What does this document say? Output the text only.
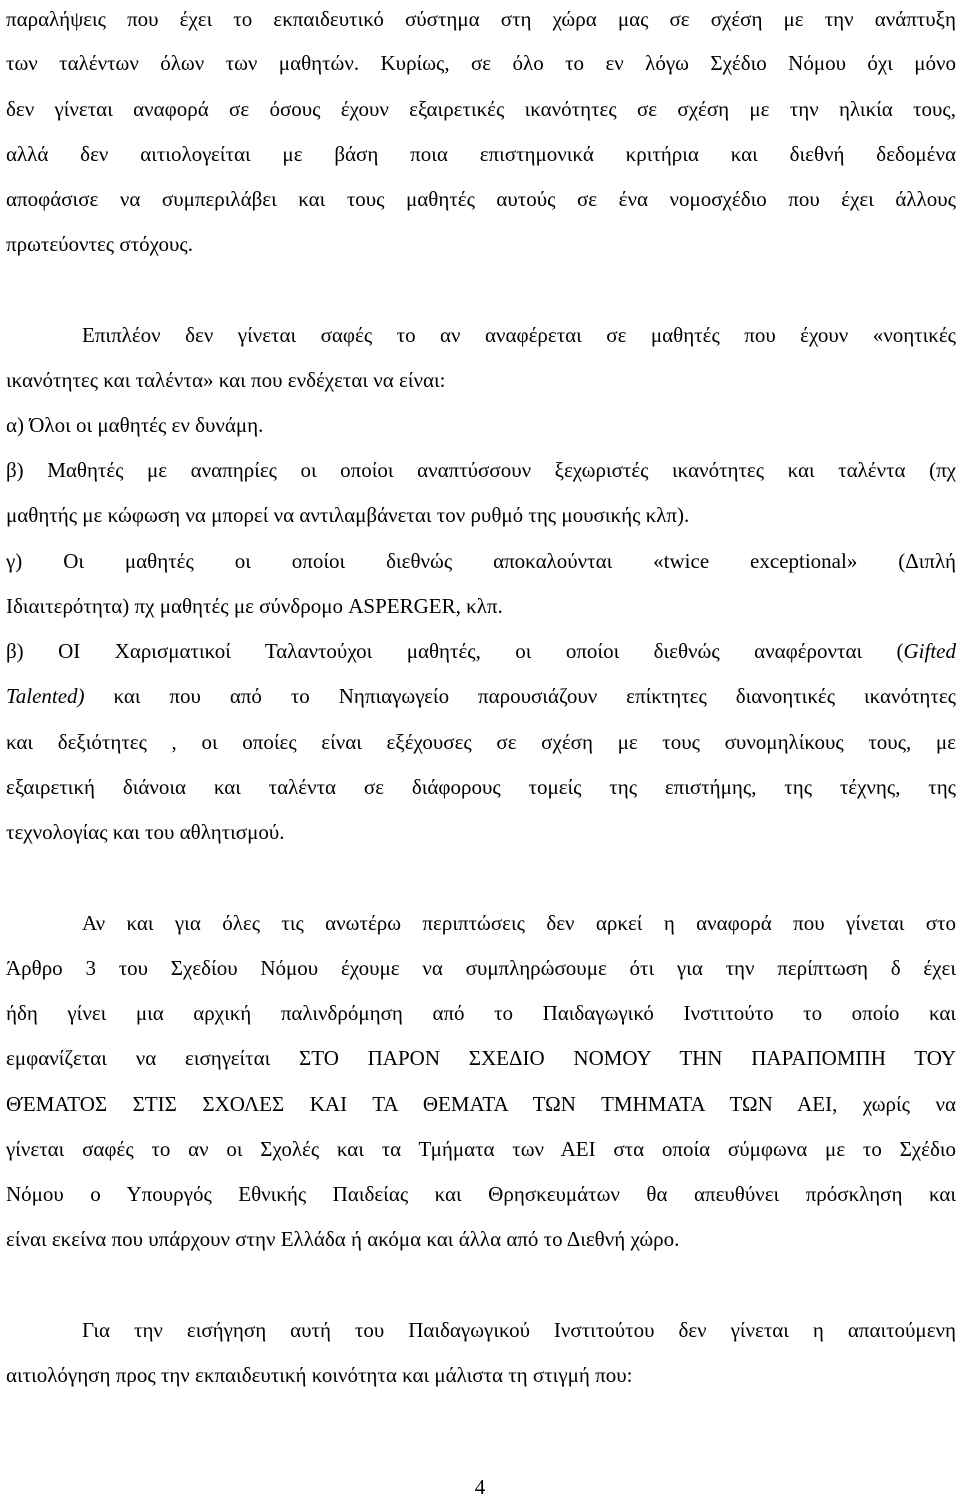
παραλήψεις που έχει το εκπαιδευτικό σύστημα στη χώρα μας σε σχέση με την ανάπτυξη
των ταλέντων όλων των μαθητών. Κυρίως, σε όλο το εν λόγω Σχέδιο Νόμου όχι μόνο
δεν γίνεται αναφορά σε όσους έχουν εξαιρετικές ικανότητες σε σχέση με την ηλικία τους,
αλλά δεν αιτιολογείται με βάση ποια επιστημονικά κριτήρια και διεθνή δεδομένα
αποφάσισε να συμπεριλάβει και τους μαθητές αυτούς σε ένα νομοσχέδιο που έχει άλλους
πρωτεύοντες στόχους.
Επιπλέον δεν γίνεται σαφές το αν αναφέρεται σε μαθητές που έχουν «νοητικές
ικανότητες και ταλέντα» και που ενδέχεται να είναι:
α) Όλοι οι μαθητές εν δυνάμη.
β) Μαθητές με αναπηρίες οι οποίοι αναπτύσσουν ξεχωριστές ικανότητες και ταλέντα (πχ
μαθητής με κώφωση να μπορεί να αντιλαμβάνεται τον ρυθμό της μουσικής κλπ).
γ) Οι μαθητές οι οποίοι διεθνώς αποκαλούνται «twice exceptional» (Διπλή
Ιδιαιτερότητα) πχ μαθητές με σύνδρομο ASPERGER, κλπ.
β) ΟΙ Χαρισματικοί Ταλαντούχοι μαθητές, οι οποίοι διεθνώς αναφέρονται (Gifted
Talented) και που από το Νηπιαγωγείο παρουσιάζουν επίκτητες διανοητικές ικανότητες
και δεξιότητες , οι οποίες είναι εξέχουσες σε σχέση με τους συνομηλίκους τους, με
εξαιρετική διάνοια και ταλέντα σε διάφορους τομείς της επιστήμης, της τέχνης, της
τεχνολογίας και του αθλητισμού.
Αν και για όλες τις ανωτέρω περιπτώσεις δεν αρκεί η αναφορά που γίνεται στο
Άρθρο 3 του Σχεδίου Νόμου έχουμε να συμπληρώσουμε ότι για την περίπτωση δ έχει
ήδη γίνει μια αρχική παλινδρόμηση από το Παιδαγωγικό Ινστιτούτο το οποίο και
εμφανίζεται να εισηγείται ΣΤΟ ΠΑΡΟΝ ΣΧΕΔΙΟ ΝΟΜΟΥ ΤΗΝ ΠΑΡΑΠΟΜΠΗ ΤΟΥ
ΘΈΜΑΤΟΣ ΣΤΙΣ ΣΧΟΛΕΣ ΚΑΙ ΤΑ ΘΕΜΑΤΑ ΤΩΝ ΤΜΗΜΑΤΑ ΤΩΝ ΑΕΙ, χωρίς να
γίνεται σαφές το αν οι Σχολές και τα Τμήματα των ΑΕΙ στα οποία σύμφωνα με το Σχέδιο
Νόμου ο Υπουργός Εθνικής Παιδείας και Θρησκευμάτων θα απευθύνει πρόσκληση και
είναι εκείνα που υπάρχουν στην Ελλάδα ή ακόμα και άλλα από το Διεθνή χώρο.
Για την εισήγηση αυτή του Παιδαγωγικού Ινστιτούτου δεν γίνεται η απαιτούμενη
αιτιολόγηση προς την εκπαιδευτική κοινότητα και μάλιστα τη στιγμή που:
4
